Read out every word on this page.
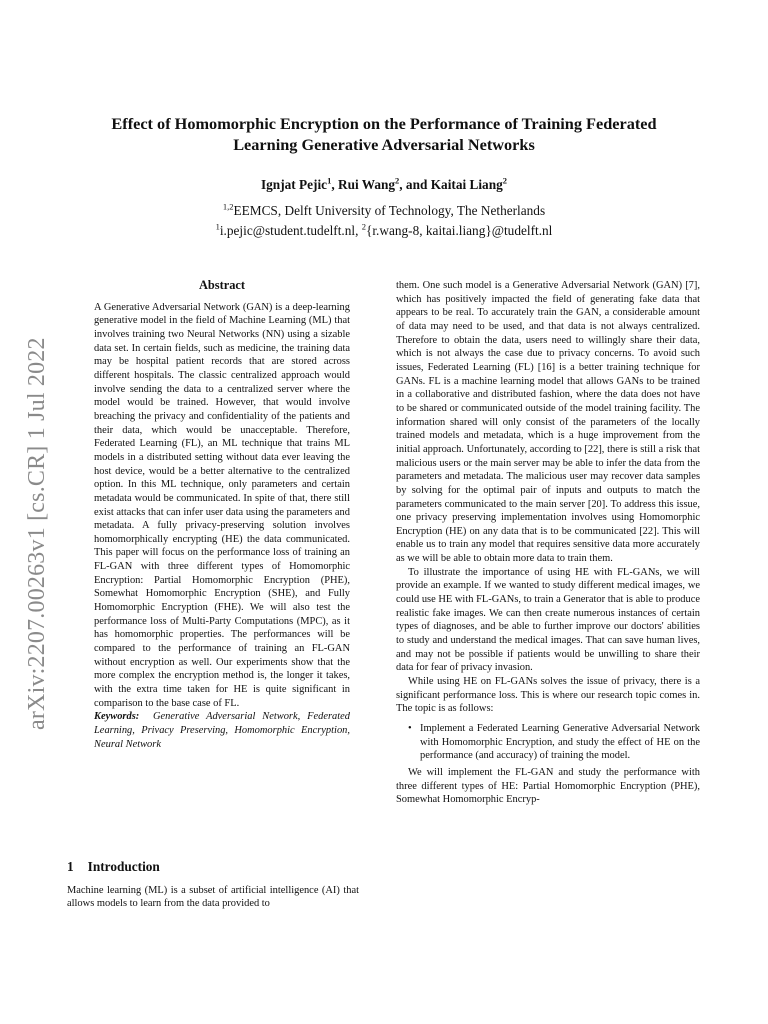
arXiv:2207.00263v1 [cs.CR] 1 Jul 2022
Effect of Homomorphic Encryption on the Performance of Training Federated
Learning Generative Adversarial Networks
Ignjat Pejic$^1$, Rui Wang$^2$, and Kaitai Liang$^2$
$^{1,2}$EEMCS, Delft University of Technology, The Netherlands
$^1$i.pejic@student.tudelft.nl, $^2${r.wang-8, kaitai.liang}@tudelft.nl
Abstract

A Generative Adversarial Network (GAN) is a deep-learning generative model in the field of Machine Learning (ML) that involves training two Neural Networks (NN) using a sizable data set. In certain fields, such as medicine, the training data may be hospital patient records that are stored across different hospitals. The classic centralized approach would involve sending the data to a centralized server where the model would be trained. However, that would involve breaching the privacy and confidentiality of the patients and their data, which would be unacceptable. Therefore, Federated Learning (FL), an ML technique that trains ML models in a distributed setting without data ever leaving the host device, would be a better alternative to the centralized option. In this ML technique, only parameters and certain metadata would be communicated. In spite of that, there still exist attacks that can infer user data using the parameters and metadata. A fully privacy-preserving solution involves homomorphically encrypting (HE) the data communicated. This paper will focus on the performance loss of training an FL-GAN with three different types of Homomorphic Encryption: Partial Homomorphic Encryption (PHE), Somewhat Homomorphic Encryption (SHE), and Fully Homomorphic Encryption (FHE). We will also test the performance loss of Multi-Party Computations (MPC), as it has homomorphic properties. The performances will be compared to the performance of training an FL-GAN without encryption as well. Our experiments show that the more complex the encryption method is, the longer it takes, with the extra time taken for HE is quite significant in comparison to the base case of FL.

Keywords: Generative Adversarial Network, Federated Learning, Privacy Preserving, Homomorphic Encryption, Neural Network

1 Introduction

Machine learning (ML) is a subset of artificial intelligence (AI) that allows models to learn from the data provided to

them. One such model is a Generative Adversarial Network (GAN) [7], which has positively impacted the field of generating fake data that appears to be real. To accurately train the GAN, a considerable amount of data may need to be used, and that data is not always centralized. Therefore to obtain the data, users need to willingly share their data, which is not always the case due to privacy concerns. To avoid such issues, Federated Learning (FL) [16] is a better training technique for GANs. FL is a machine learning model that allows GANs to be trained in a collaborative and distributed fashion, where the data does not have to be shared or communicated outside of the model training facility. The information shared will only consist of the parameters of the locally trained models and metadata, which is a huge improvement from the initial approach. Unfortunately, according to [22], there is still a risk that malicious users or the main server may be able to infer the data from the parameters and metadata. The malicious user may recover data samples by solving for the optimal pair of inputs and outputs to match the parameters communicated to the main server [20]. To address this issue, one privacy preserving implementation involves using Homomorphic Encryption (HE) on any data that is to be communicated [22]. This will enable us to train any model that requires sensitive data more accurately as we will be able to obtain more data to train them.

To illustrate the importance of using HE with FL-GANs, we will provide an example. If we wanted to study different medical images, we could use HE with FL-GANs, to train a Generator that is able to produce realistic fake images. We can then create numerous instances of certain types of diagnoses, and be able to further improve our doctors' abilities to study and understand the medical images. That can save human lives, and may not be possible if patients would be unwilling to share their data for fear of privacy invasion.

While using HE on FL-GANs solves the issue of privacy, there is a significant performance loss. This is where our research topic comes in. The topic is as follows:

• Implement a Federated Learning Generative Adversarial Network with Homomorphic Encryption, and study the effect of HE on the performance (and accuracy) of training the model.

We will implement the FL-GAN and study the performance with three different types of HE: Partial Homomorphic Encryption (PHE), Somewhat Homomorphic Encryp-
